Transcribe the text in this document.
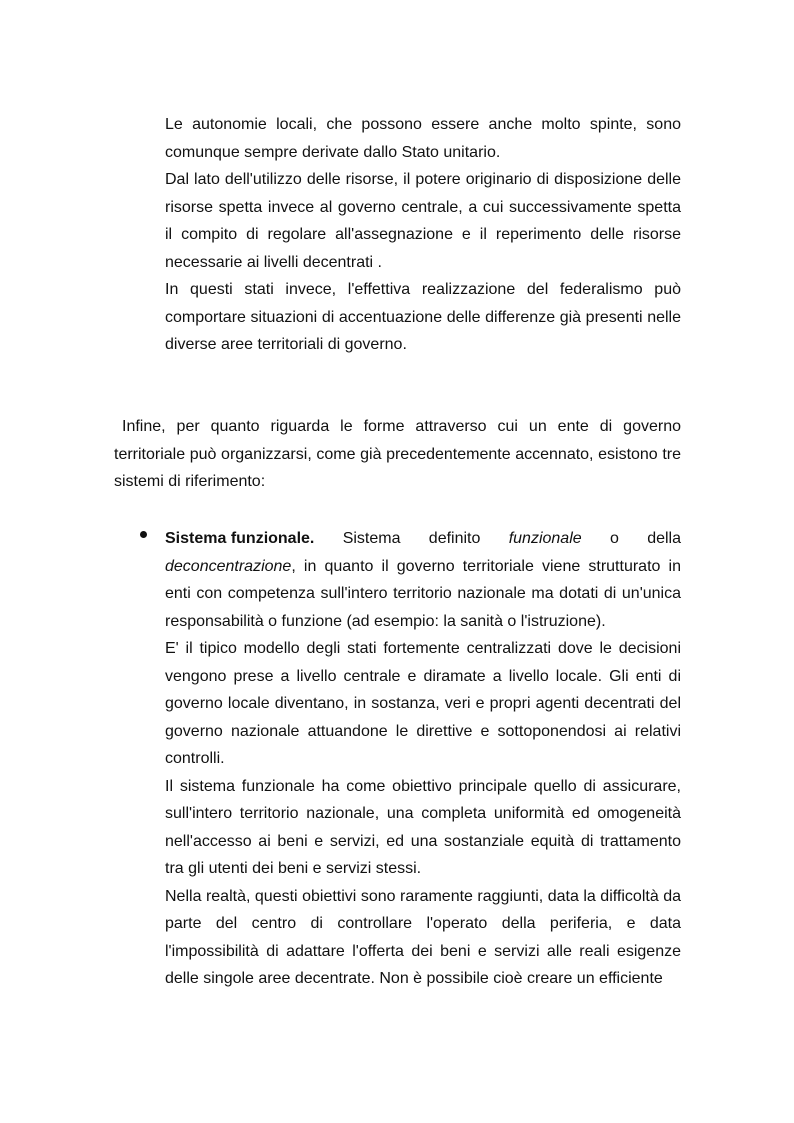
Le autonomie locali, che possono essere anche molto spinte, sono comunque sempre derivate dallo Stato unitario.

Dal lato dell'utilizzo delle risorse, il potere originario di disposizione delle risorse spetta invece al governo centrale, a cui successivamente spetta il compito di regolare all'assegnazione e il reperimento delle risorse necessarie ai livelli decentrati .

In questi stati invece, l'effettiva realizzazione del federalismo può comportare situazioni di accentuazione delle differenze già presenti nelle diverse aree territoriali di governo.

Infine, per quanto riguarda le forme attraverso cui un ente di governo territoriale può organizzarsi, come già precedentemente accennato, esistono tre sistemi di riferimento:

Sistema funzionale. Sistema definito funzionale o della

deconcentrazione, in quanto il governo territoriale viene strutturato in enti con competenza sull'intero territorio nazionale ma dotati di un'unica responsabilità o funzione (ad esempio: la sanità o l'istruzione).

E' il tipico modello degli stati fortemente centralizzati dove le decisioni vengono prese a livello centrale e diramate a livello locale. Gli enti di governo locale diventano, in sostanza, veri e propri agenti decentrati del governo nazionale attuandone le direttive e sottoponendosi ai relativi controlli.

Il sistema funzionale ha come obiettivo principale quello di assicurare, sull'intero territorio nazionale, una completa uniformità ed omogeneità nell'accesso ai beni e servizi, ed una sostanziale equità di trattamento tra gli utenti dei beni e servizi stessi.

Nella realtà, questi obiettivi sono raramente raggiunti, data la difficoltà da parte del centro di controllare l'operato della periferia, e data l'impossibilità di adattare l'offerta dei beni e servizi alle reali esigenze delle singole aree decentrate. Non è possibile cioè creare un efficiente
